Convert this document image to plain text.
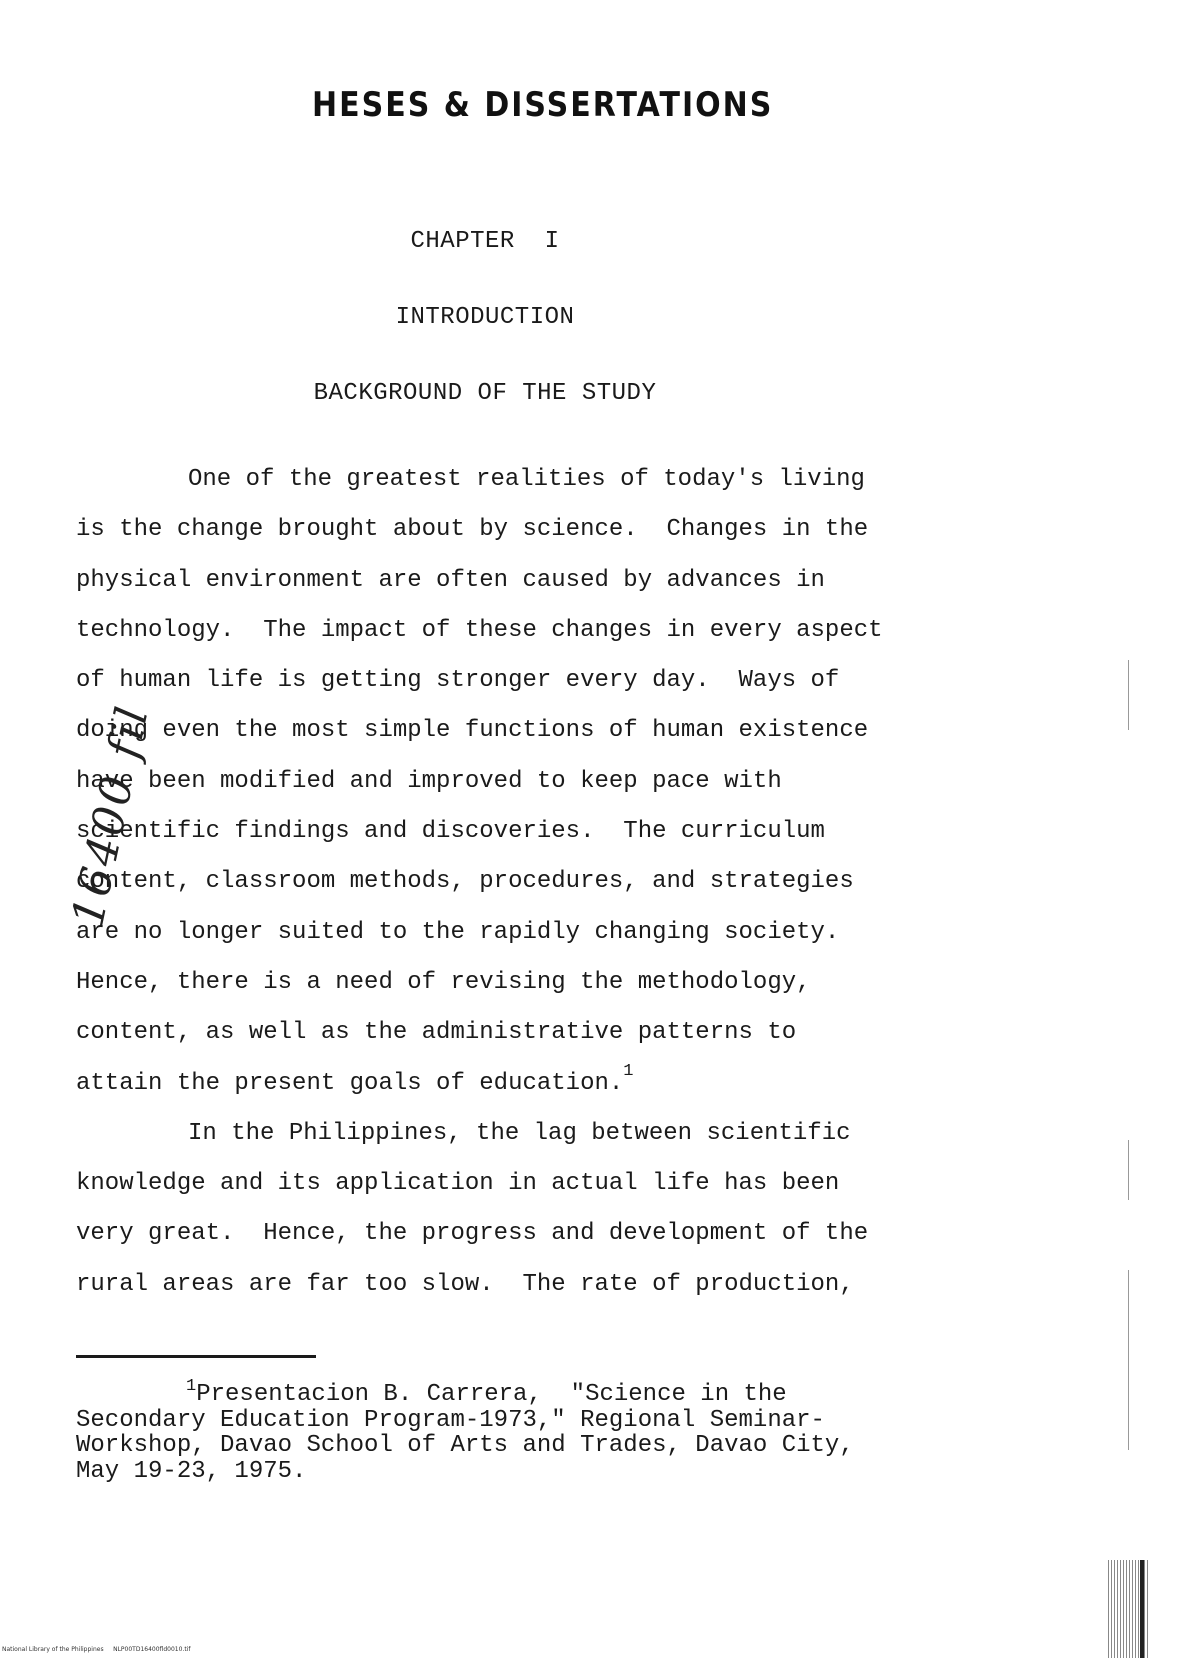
HESES & DISSERTATIONS
CHAPTER  I
INTRODUCTION
BACKGROUND OF THE STUDY
One of the greatest realities of today's living
is the change brought about by science.  Changes in the
physical environment are often caused by advances in
technology.  The impact of these changes in every aspect
of human life is getting stronger every day.  Ways of
doing even the most simple functions of human existence
have been modified and improved to keep pace with
scientific findings and discoveries.  The curriculum
content, classroom methods, procedures, and strategies
are no longer suited to the rapidly changing society.
Hence, there is a need of revising the methodology,
content, as well as the administrative patterns to
attain the present goals of education.$^1$
In the Philippines, the lag between scientific
knowledge and its application in actual life has been
very great.  Hence, the progress and development of the
rural areas are far too slow.  The rate of production,
$^1$Presentacion B. Carrera,  "Science in the
Secondary Education Program-1973," Regional Seminar-
Workshop, Davao School of Arts and Trades, Davao City,
May 19-23, 1975.
16400 fil
National Library of the Philippines     NLP00TD16400fld0010.tif
